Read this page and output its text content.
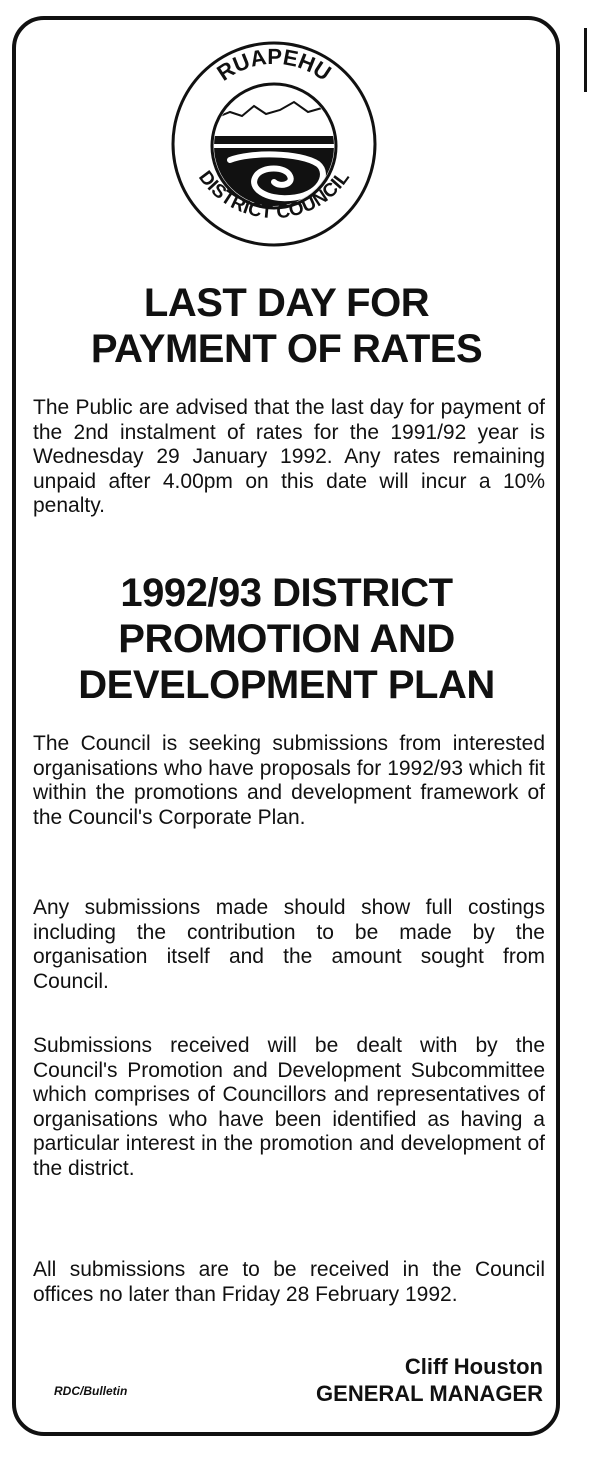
RUAPEHU
DISTRICT COUNCIL
LAST DAY FOR
PAYMENT OF RATES

The Public are advised that the last day for payment of the 2nd instalment of rates for the 1991/92 year is Wednesday 29 January 1992. Any rates remaining unpaid after 4.00pm on this date will incur a 10% penalty.

1992/93 DISTRICT
PROMOTION AND
DEVELOPMENT PLAN

The Council is seeking submissions from interested organisations who have proposals for 1992/93 which fit within the promotions and development framework of the Council's Corporate Plan.

Any submissions made should show full costings including the contribution to be made by the organisation itself and the amount sought from Council.

Submissions received will be dealt with by the Council's Promotion and Development Subcommittee which comprises of Councillors and representatives of organisations who have been identified as having a particular interest in the promotion and development of the district.

All submissions are to be received in the Council offices no later than Friday 28 February 1992.

Cliff Houston
GENERAL MANAGER
RDC/Bulletin
